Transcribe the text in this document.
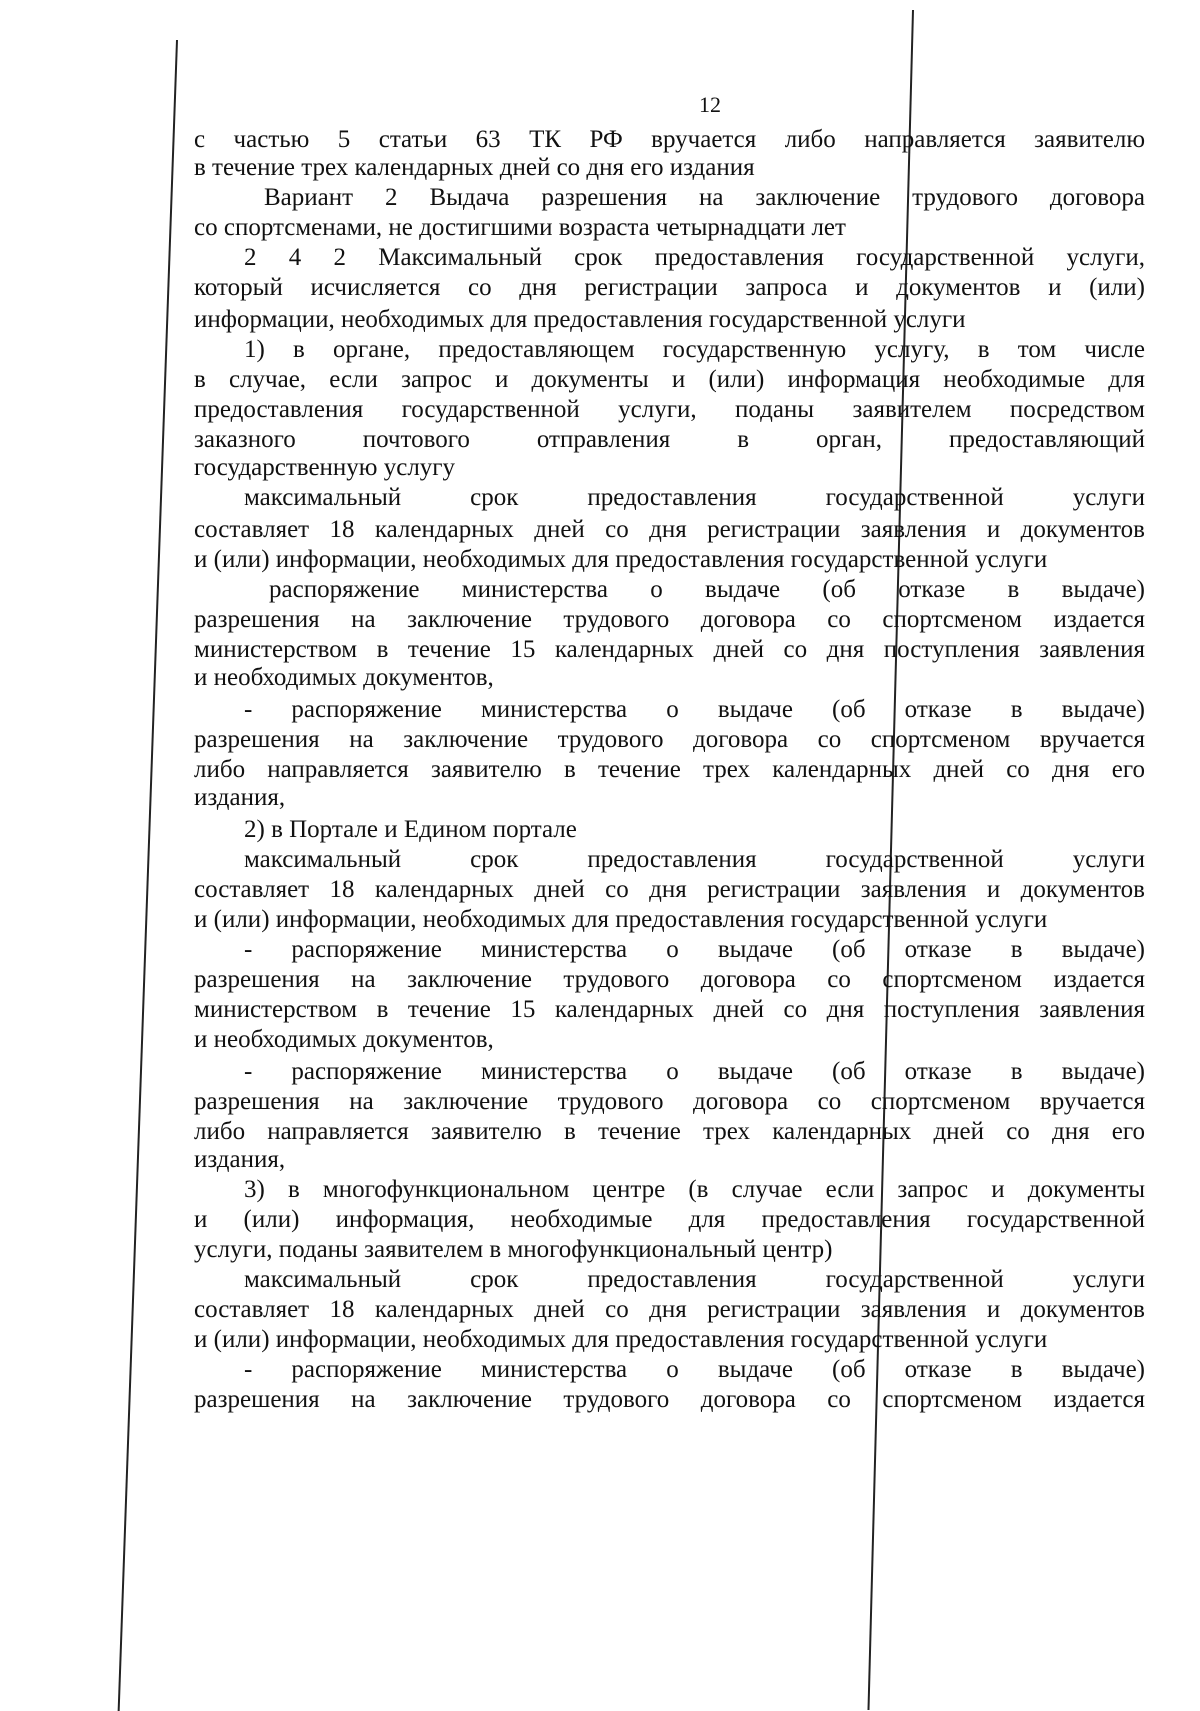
12
с частью 5 статьи 63 ТК РФ вручается либо направляется заявителю
в течение трех календарных дней со дня его издания
Вариант 2 Выдача разрешения на заключение трудового договора
со спортсменами, не достигшими возраста четырнадцати лет
2 4 2 Максимальный срок предоставления государственной услуги,
который исчисляется со дня регистрации запроса и документов и (или)
информации, необходимых для предоставления государственной услуги
1) в органе, предоставляющем государственную услугу, в том числе
в случае, если запрос и документы и (или) информация необходимые для
предоставления государственной услуги, поданы заявителем посредством
заказного почтового отправления в орган, предоставляющий
государственную услугу
максимальный срок предоставления государственной услуги
составляет 18 календарных дней со дня регистрации заявления и документов
и (или) информации, необходимых для предоставления государственной услуги
распоряжение министерства о выдаче (об отказе в выдаче)
разрешения на заключение трудового договора со спортсменом издается
министерством в течение 15 календарных дней со дня поступления заявления
и необходимых документов,
- распоряжение министерства о выдаче (об отказе в выдаче)
разрешения на заключение трудового договора со спортсменом вручается
либо направляется заявителю в течение трех календарных дней со дня его
издания,
2) в Портале и Едином портале
максимальный срок предоставления государственной услуги
составляет 18 календарных дней со дня регистрации заявления и документов
и (или) информации, необходимых для предоставления государственной услуги
- распоряжение министерства о выдаче (об отказе в выдаче)
разрешения на заключение трудового договора со спортсменом издается
министерством в течение 15 календарных дней со дня поступления заявления
и необходимых документов,
- распоряжение министерства о выдаче (об отказе в выдаче)
разрешения на заключение трудового договора со спортсменом вручается
либо направляется заявителю в течение трех календарных дней со дня его
издания,
3) в многофункциональном центре (в случае если запрос и документы
и (или) информация, необходимые для предоставления государственной
услуги, поданы заявителем в многофункциональный центр)
максимальный срок предоставления государственной услуги
составляет 18 календарных дней со дня регистрации заявления и документов
и (или) информации, необходимых для предоставления государственной услуги
- распоряжение министерства о выдаче (об отказе в выдаче)
разрешения на заключение трудового договора со спортсменом издается
